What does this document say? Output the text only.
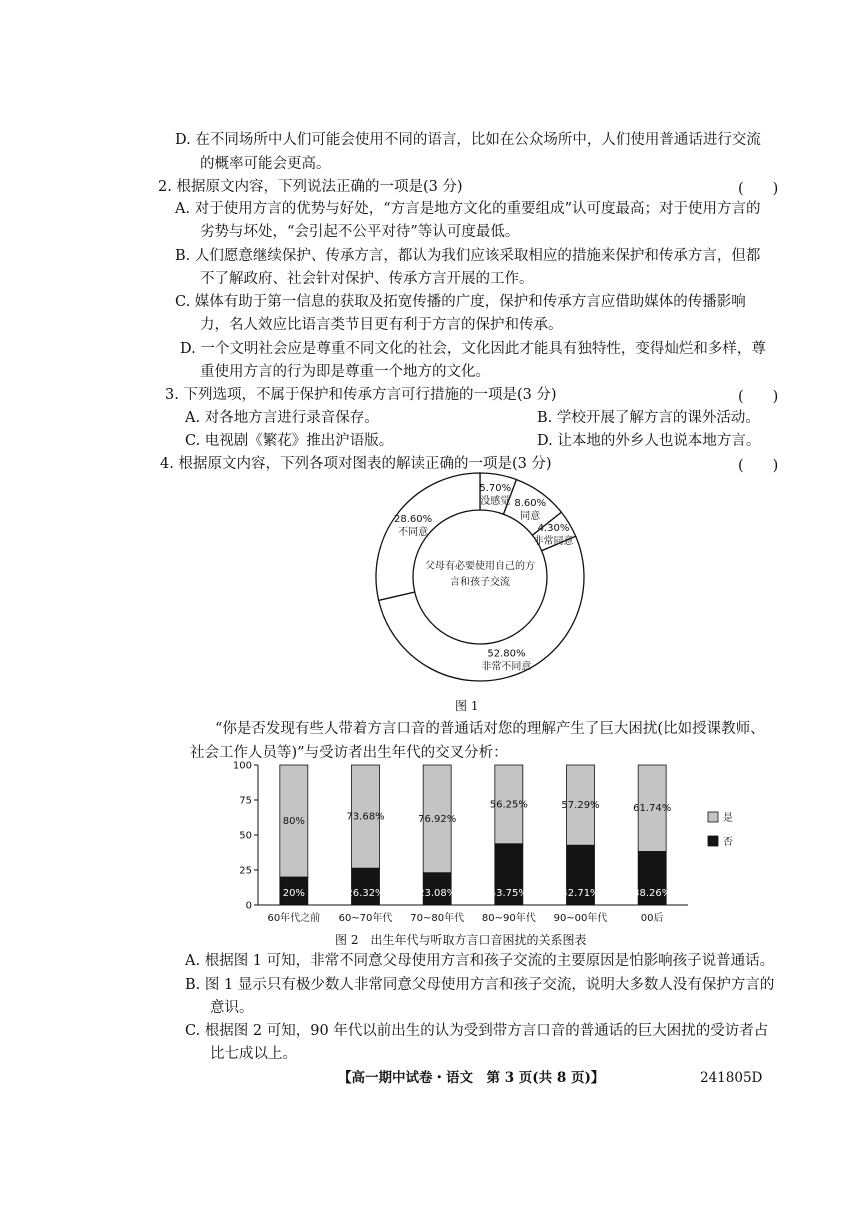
D. 在不同场所中人们可能会使用不同的语言，比如在公众场所中，人们使用普通话进行交流
的概率可能会更高。
2. 根据原文内容，下列说法正确的一项是(3 分)	(　　)
A. 对于使用方言的优势与好处，“方言是地方文化的重要组成”认可度最高；对于使用方言的
劣势与坏处，“会引起不公平对待”等认可度最低。
B. 人们愿意继续保护、传承方言，都认为我们应该采取相应的措施来保护和传承方言，但都
不了解政府、社会针对保护、传承方言开展的工作。
C. 媒体有助于第一信息的获取及拓宽传播的广度，保护和传承方言应借助媒体的传播影响
力，名人效应比语言类节目更有利于方言的保护和传承。
D. 一个文明社会应是尊重不同文化的社会，文化因此才能具有独特性，变得灿烂和多样，尊
重使用方言的行为即是尊重一个地方的文化。
3. 下列选项，不属于保护和传承方言可行措施的一项是(3 分)	(　　)
A. 对各地方言进行录音保存。	B. 学校开展了解方言的课外活动。
C. 电视剧《繁花》推出沪语版。	D. 让本地的外乡人也说本地方言。
4. 根据原文内容，下列各项对图表的解读正确的一项是(3 分)	(　　)
5.70%
没感觉 8.60%
同意
4.30%
非常同意
52.80%
非常不同意
28.60%
不同意
父母有必要使用自己的方
言和孩子交流
图 1
“你是否发现有些人带着方言口音的普通话对您的理解产生了巨大困扰(比如授课教师、
社会工作人员等)”与受访者出生年代的交叉分析：
0
25
50
75
100
80%
20%
60年代之前
73.68%
26.32%
60~70年代
76.92%
23.08%
70~80年代
56.25%
43.75%
80~90年代
57.29%
42.71%
90~00年代
61.74%
38.26%
00后
是
否
图 2　出生年代与听取方言口音困扰的关系图表
A. 根据图 1 可知，非常不同意父母使用方言和孩子交流的主要原因是怕影响孩子说普通话。
B. 图 1 显示只有极少数人非常同意父母使用方言和孩子交流，说明大多数人没有保护方言的
意识。
C. 根据图 2 可知，90 年代以前出生的认为受到带方言口音的普通话的巨大困扰的受访者占
比七成以上。
【高一期中试卷・语文　第 3 页(共 8 页)】	241805D
